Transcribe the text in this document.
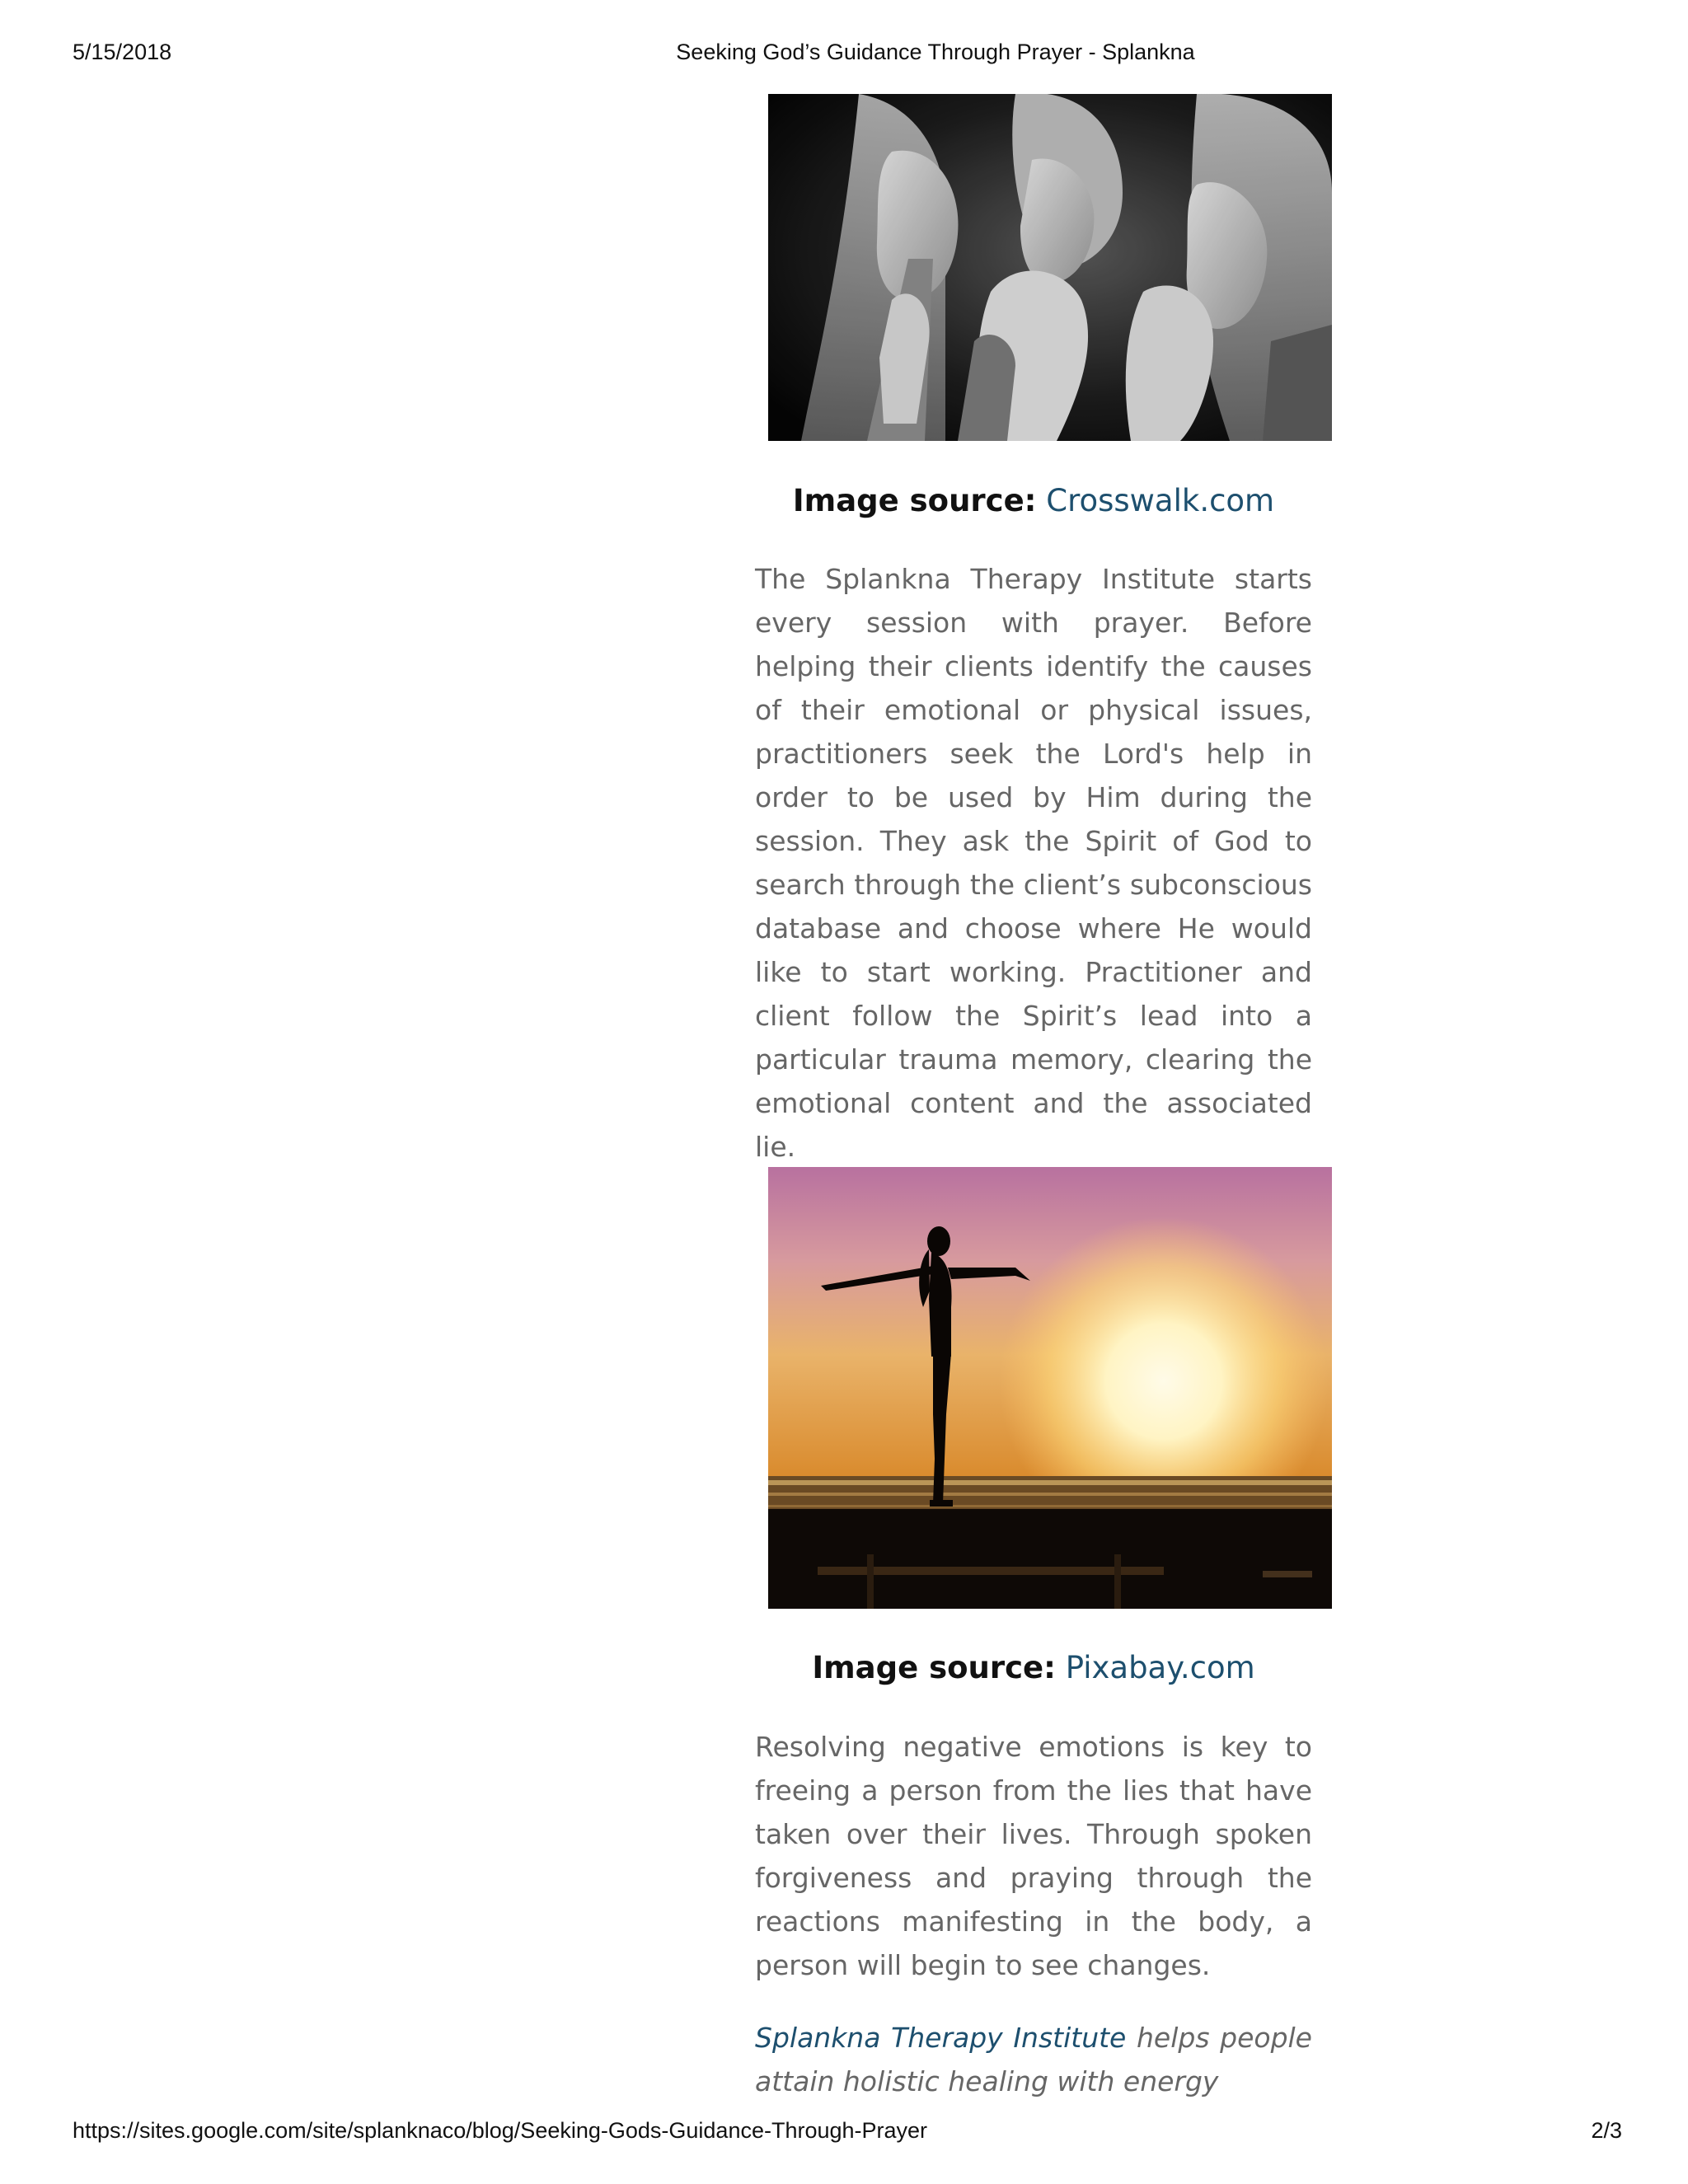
5/15/2018	Seeking God’s Guidance Through Prayer - Splankna
Image source: Crosswalk.com

The Splankna Therapy Institute starts every session with prayer. Before helping their clients identify the causes of their emotional or physical issues, practitioners seek the Lord's help in order to be used by Him during the session. They ask the Spirit of God to search through the client’s subconscious database and choose where He would like to start working. Practitioner and client follow the Spirit’s lead into a particular trauma memory, clearing the emotional content and the associated lie.

Image source: Pixabay.com

Resolving negative emotions is key to freeing a person from the lies that have taken over their lives. Through spoken forgiveness and praying through the reactions manifesting in the body, a person will begin to see changes.

Splankna Therapy Institute helps people attain holistic healing with energy

https://sites.google.com/site/splanknaco/blog/Seeking-Gods-Guidance-Through-Prayer	2/3
